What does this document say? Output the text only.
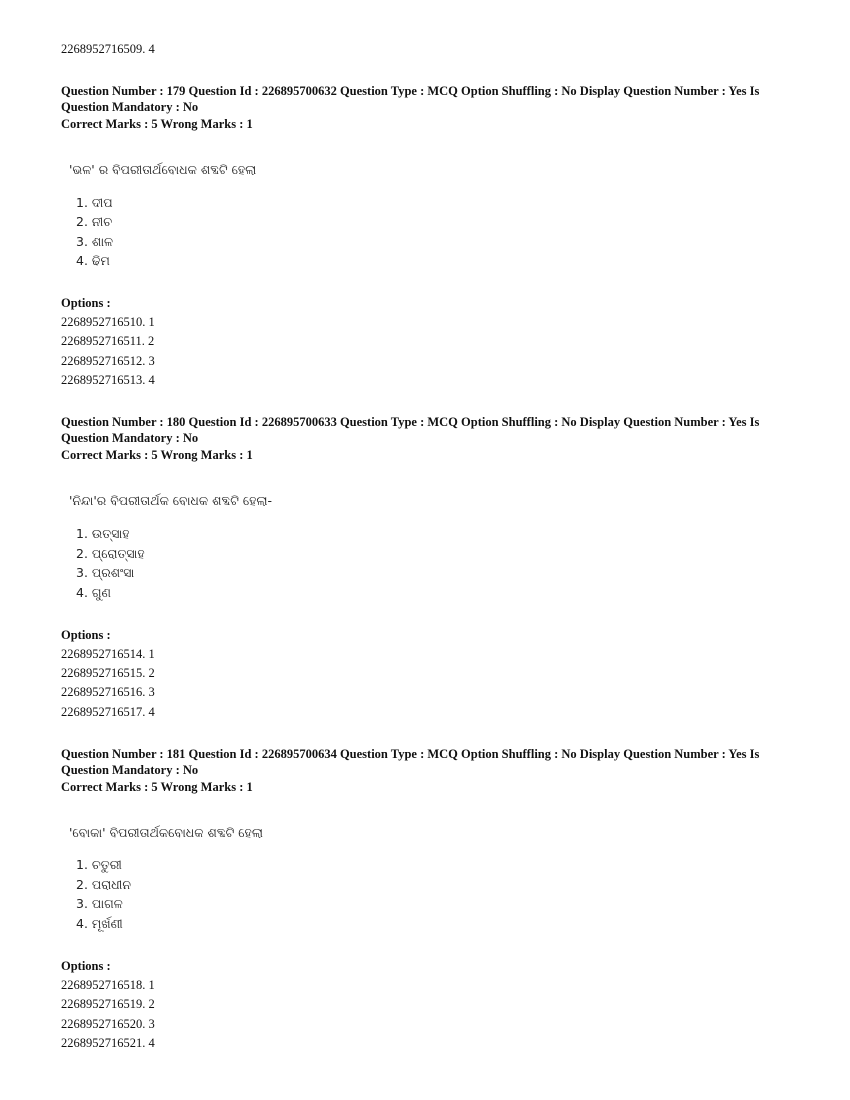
2268952716509. 4
Question Number : 179 Question Id : 226895700632 Question Type : MCQ Option Shuffling : No Display Question Number : Yes Is
Question Mandatory : No
Correct Marks : 5 Wrong Marks : 1
'ଭଳ' ର ବିପରୀତାର୍ଥବୋଧକ ଶବ୍ଦଟି ହେଲା
1. ଦୀପ
2. ନୀଚ
3. ଶାଳ
4. ଢିମ
Options :
2268952716510. 1
2268952716511. 2
2268952716512. 3
2268952716513. 4
Question Number : 180 Question Id : 226895700633 Question Type : MCQ Option Shuffling : No Display Question Number : Yes Is
Question Mandatory : No
Correct Marks : 5 Wrong Marks : 1
'ନିନ୍ଦା'ର ବିପରୀତାର୍ଥକ ବୋଧକ ଶବ୍ଦଟି ହେଲା-
1. ଉତ୍ସାହ
2. ପ୍ରୋତ୍ସାହ
3. ପ୍ରଶଂସା
4. ଗୁଣ
Options :
2268952716514. 1
2268952716515. 2
2268952716516. 3
2268952716517. 4
Question Number : 181 Question Id : 226895700634 Question Type : MCQ Option Shuffling : No Display Question Number : Yes Is
Question Mandatory : No
Correct Marks : 5 Wrong Marks : 1
'ବୋକା' ବିପରୀତାର୍ଥକବୋଧକ ଶବ୍ଦଟି ହେଲା
1. ଚତୁରୀ
2. ପରାଧୀନ
3. ପାଗଳ
4. ମୂର୍ଖଣୀ
Options :
2268952716518. 1
2268952716519. 2
2268952716520. 3
2268952716521. 4
